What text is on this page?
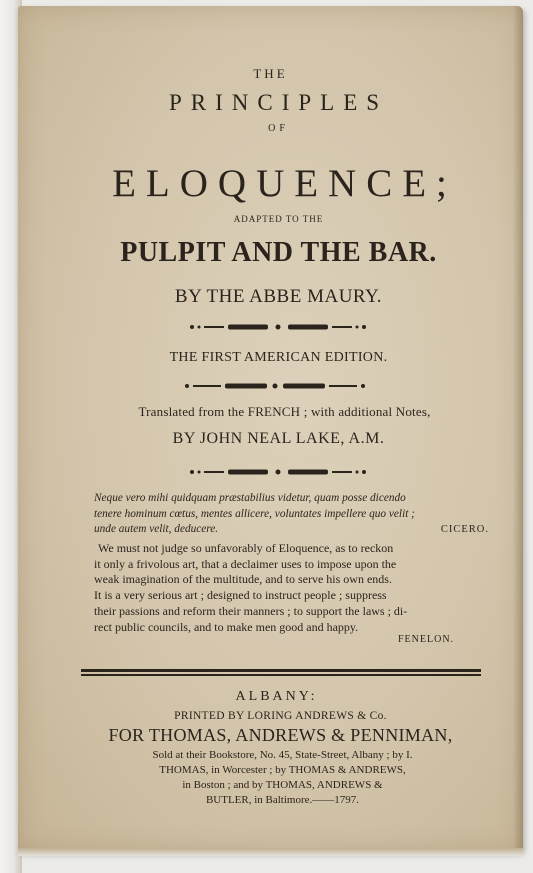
THE
PRINCIPLES
OF
ELOQUENCE;
ADAPTED TO THE
PULPIT AND THE BAR.
BY THE ABBE MAURY.
THE FIRST AMERICAN EDITION.
Translated from the FRENCH ; with additional Notes,
BY JOHN NEAL LAKE, A.M.
Neque vero mihi quidquam præstabilius videtur, quam posse dicendo
tenere hominum cœtus, mentes allicere, voluntates impellere quo velit ;
unde autem velit, deducere.	CICERO.
We must not judge so unfavorably of Eloquence, as to reckon
it only a frivolous art, that a declaimer uses to impose upon the
weak imagination of the multitude, and to serve his own ends.
It is a very serious art ; designed to instruct people ; suppress
their passions and reform their manners ; to support the laws ; di-
rect public councils, and to make men good and happy.
FENELON.
ALBANY:
PRINTED BY LORING ANDREWS & Co.
FOR THOMAS, ANDREWS & PENNIMAN,
Sold at their Bookstore, No. 45, State-Street, Albany ; by I.
THOMAS, in Worcester ; by THOMAS & ANDREWS,
in Boston ; and by THOMAS, ANDREWS &
BUTLER, in Baltimore.——1797.
